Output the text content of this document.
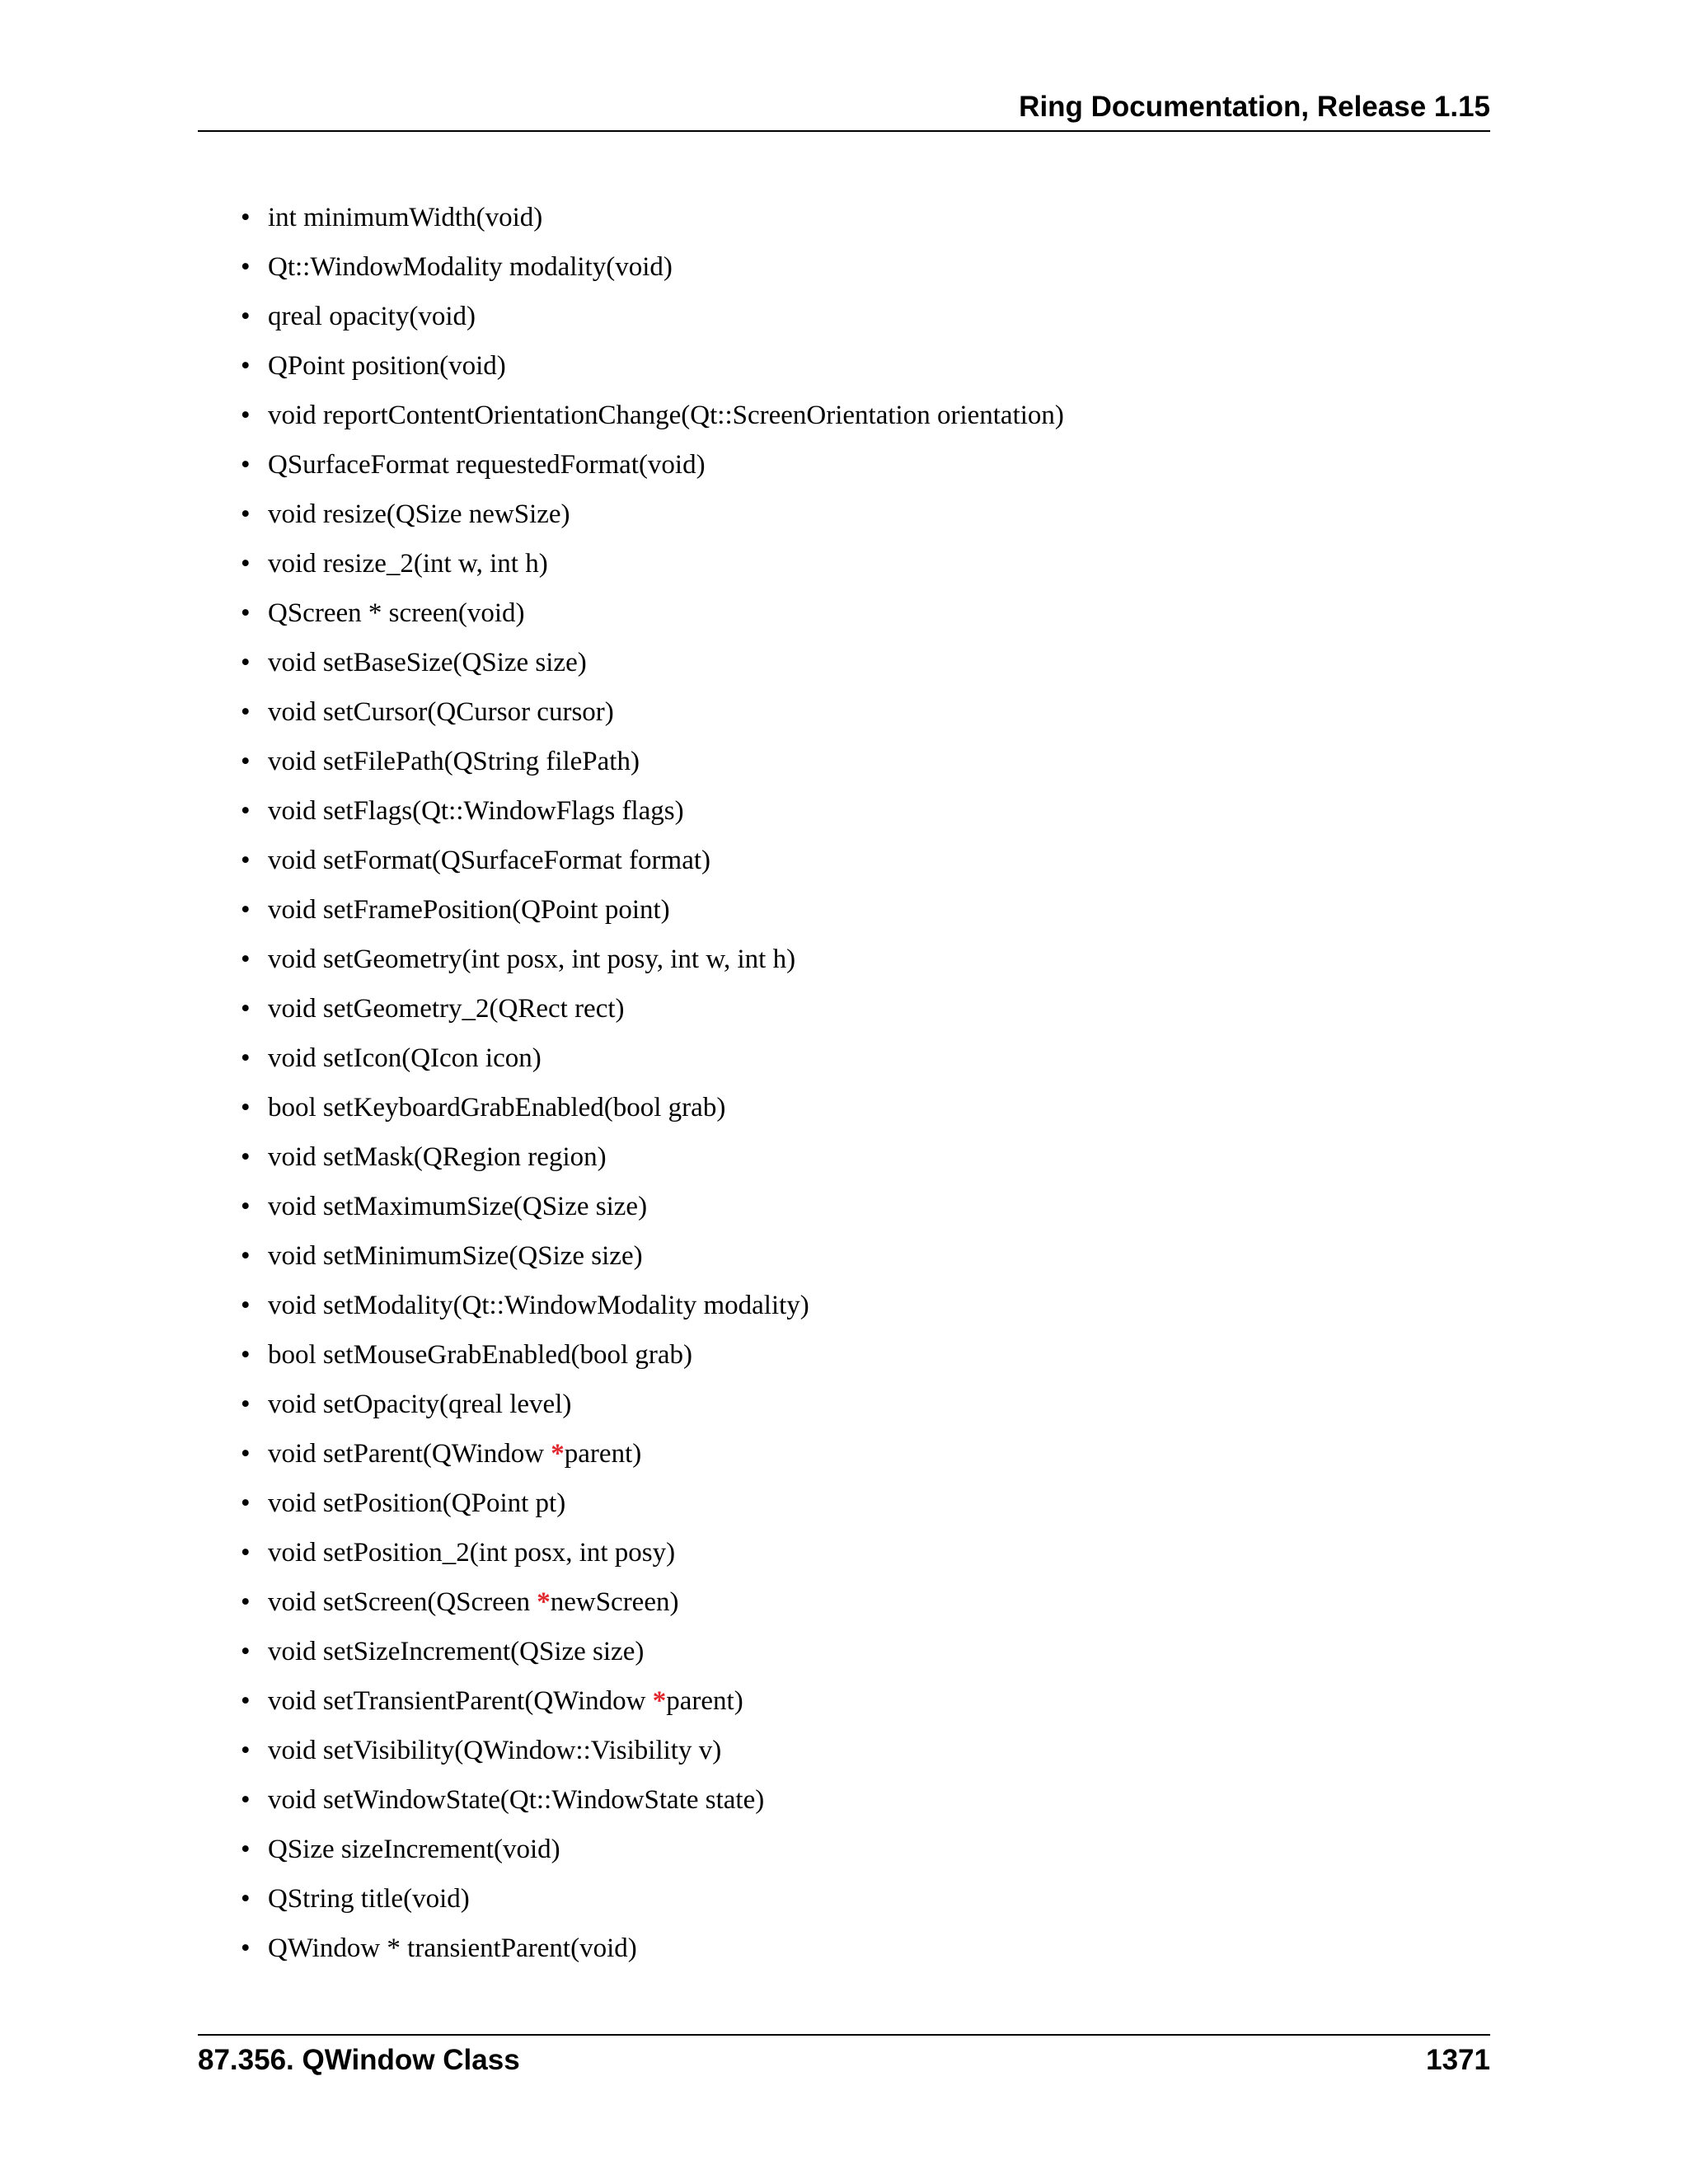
Ring Documentation, Release 1.15
• int minimumWidth(void)
• Qt::WindowModality modality(void)
• qreal opacity(void)
• QPoint position(void)
• void reportContentOrientationChange(Qt::ScreenOrientation orientation)
• QSurfaceFormat requestedFormat(void)
• void resize(QSize newSize)
• void resize_2(int w, int h)
• QScreen * screen(void)
• void setBaseSize(QSize size)
• void setCursor(QCursor cursor)
• void setFilePath(QString filePath)
• void setFlags(Qt::WindowFlags flags)
• void setFormat(QSurfaceFormat format)
• void setFramePosition(QPoint point)
• void setGeometry(int posx, int posy, int w, int h)
• void setGeometry_2(QRect rect)
• void setIcon(QIcon icon)
• bool setKeyboardGrabEnabled(bool grab)
• void setMask(QRegion region)
• void setMaximumSize(QSize size)
• void setMinimumSize(QSize size)
• void setModality(Qt::WindowModality modality)
• bool setMouseGrabEnabled(bool grab)
• void setOpacity(qreal level)
• void setParent(QWindow *parent)
• void setPosition(QPoint pt)
• void setPosition_2(int posx, int posy)
• void setScreen(QScreen *newScreen)
• void setSizeIncrement(QSize size)
• void setTransientParent(QWindow *parent)
• void setVisibility(QWindow::Visibility v)
• void setWindowState(Qt::WindowState state)
• QSize sizeIncrement(void)
• QString title(void)
• QWindow * transientParent(void)
87.356. QWindow Class	1371
